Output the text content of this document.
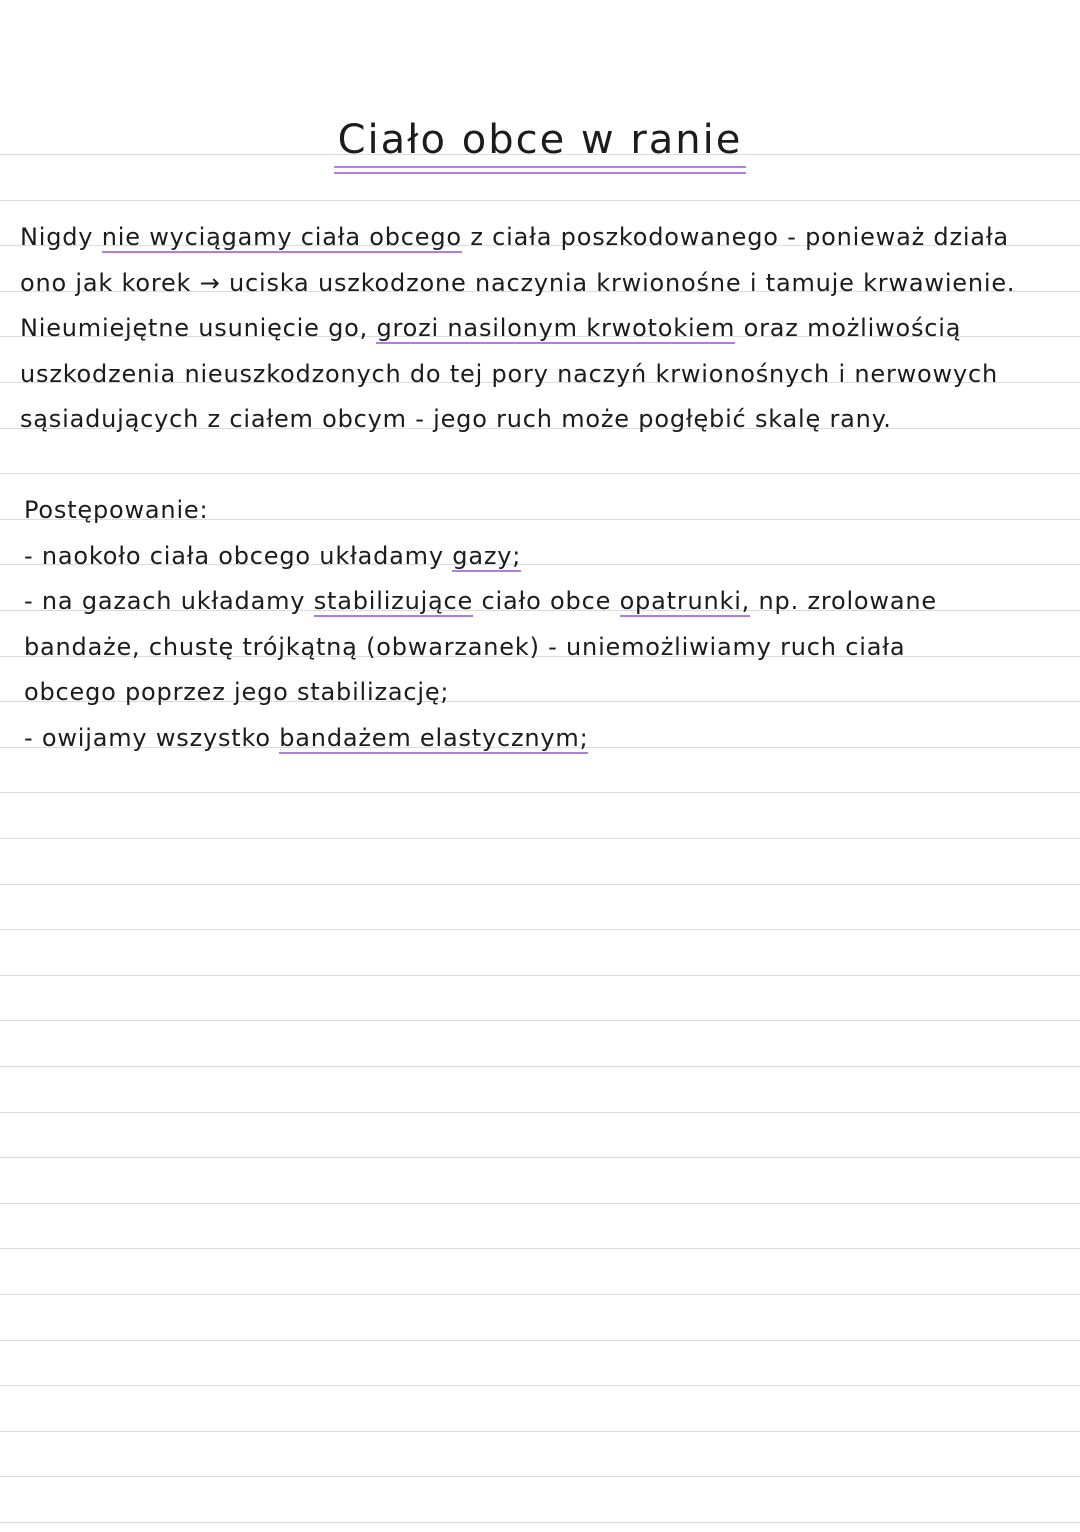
Ciało obce w ranie
Nigdy nie wyciągamy ciała obcego z ciała poszkodowanego - ponieważ działa
ono jak korek → uciska uszkodzone naczynia krwionośne i tamuje krwawienie.
Nieumiejętne usunięcie go, grozi nasilonym krwotokiem oraz możliwością
uszkodzenia nieuszkodzonych do tej pory naczyń krwionośnych i nerwowych
sąsiadujących z ciałem obcym - jego ruch może pogłębić skalę rany.
Postępowanie:
- naokoło ciała obcego układamy gazy;
- na gazach układamy stabilizujące ciało obce opatrunki, np. zrolowane
bandaże, chustę trójkątną (obwarzanek) - uniemożliwiamy ruch ciała
obcego poprzez jego stabilizację;
- owijamy wszystko bandażem elastycznym;
